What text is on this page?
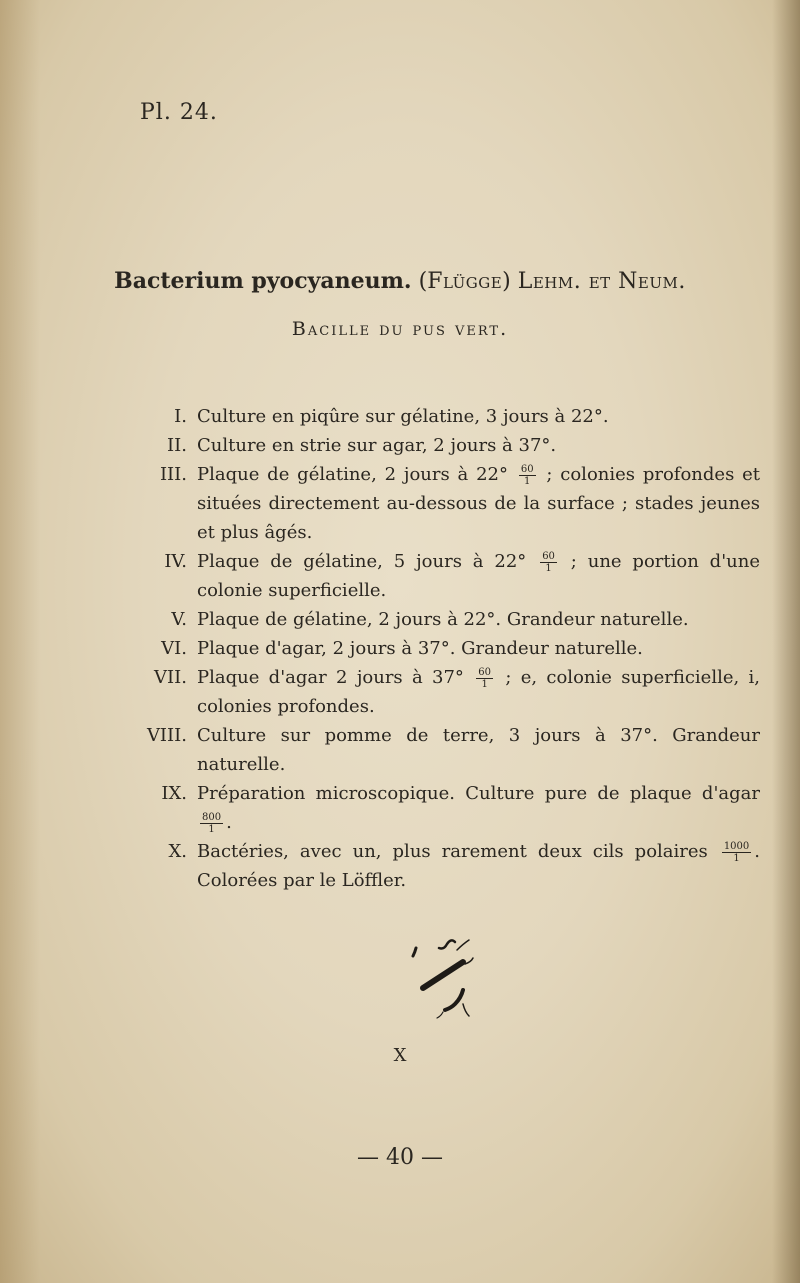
Pl. 24.
Bacterium pyocyaneum. (Flügge) Lehm. et Neum.
Bacille du pus vert.
I. Culture en piqûre sur gélatine, 3 jours à 22°.
II. Culture en strie sur agar, 2 jours à 37°.
III. Plaque de gélatine, 2 jours à $22^\circ \frac{60}{1}$ ; colonies profondes et situées directement au-dessous de la surface ; stades jeunes et plus âgés.
IV. Plaque de gélatine, 5 jours à $22^\circ \frac{60}{1}$ ; une portion d'une colonie superficielle.
V. Plaque de gélatine, 2 jours à 22°. Grandeur naturelle.
VI. Plaque d'agar, 2 jours à 37°. Grandeur naturelle.
VII. Plaque d'agar 2 jours à $37^\circ \frac{60}{1}$ ; e, colonie superficielle, i, colonies profondes.
VIII. Culture sur pomme de terre, 3 jours à 37°. Grandeur naturelle.
IX. Préparation microscopique. Culture pure de plaque d'agar
$\frac{800}{1}$ .
X. Bactéries, avec un, plus rarement deux cils polaires $\frac{1000}{1}$ . Colorées par le Löffler.
X
— 40 —
